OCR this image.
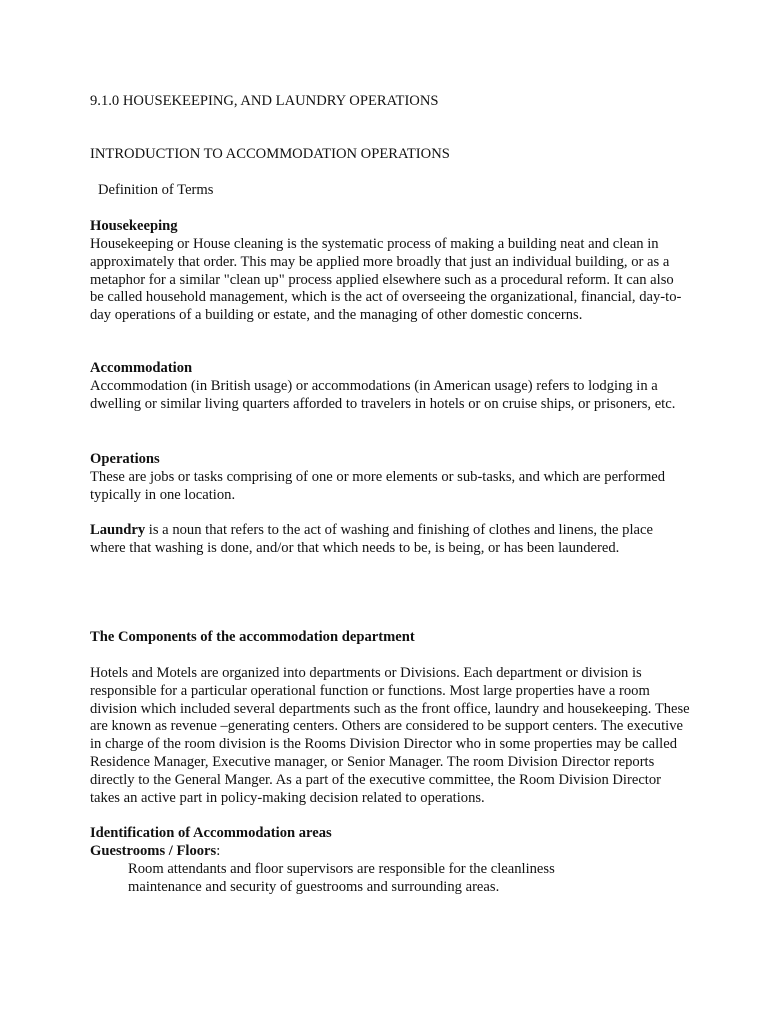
9.1.0 HOUSEKEEPING, AND LAUNDRY OPERATIONS

INTRODUCTION TO ACCOMMODATION OPERATIONS

Definition of Terms

Housekeeping

Housekeeping or House cleaning is the systematic process of making a building neat and clean in approximately that order. This may be applied more broadly that just an individual building, or as a metaphor for a similar "clean up" process applied elsewhere such as a procedural reform. It can also be called household management, which is the act of overseeing the organizational, financial, day-to-day operations of a building or estate, and the managing of other domestic concerns.

Accommodation

Accommodation (in British usage) or accommodations (in American usage) refers to lodging in a dwelling or similar living quarters afforded to travelers in hotels or on cruise ships, or prisoners, etc.

Operations

These are jobs or tasks comprising of one or more elements or sub-tasks, and which are performed typically in one location.

Laundry is a noun that refers to the act of washing and finishing of clothes and linens, the place where that washing is done, and/or that which needs to be, is being, or has been laundered.

The Components of the accommodation department

Hotels and Motels are organized into departments or Divisions. Each department or division is responsible for a particular operational function or functions. Most large properties have a room division which included several departments such as the front office, laundry and housekeeping. These are known as revenue –generating centers. Others are considered to be support centers. The executive in charge of the room division is the Rooms Division Director who in some properties may be called Residence Manager, Executive manager, or Senior Manager. The room Division Director reports directly to the General Manger. As a part of the executive committee, the Room Division Director takes an active part in policy-making decision related to operations.

Identification of Accommodation areas

Guestrooms / Floors:

Room attendants and floor supervisors are responsible for the cleanliness maintenance and security of guestrooms and surrounding areas.
